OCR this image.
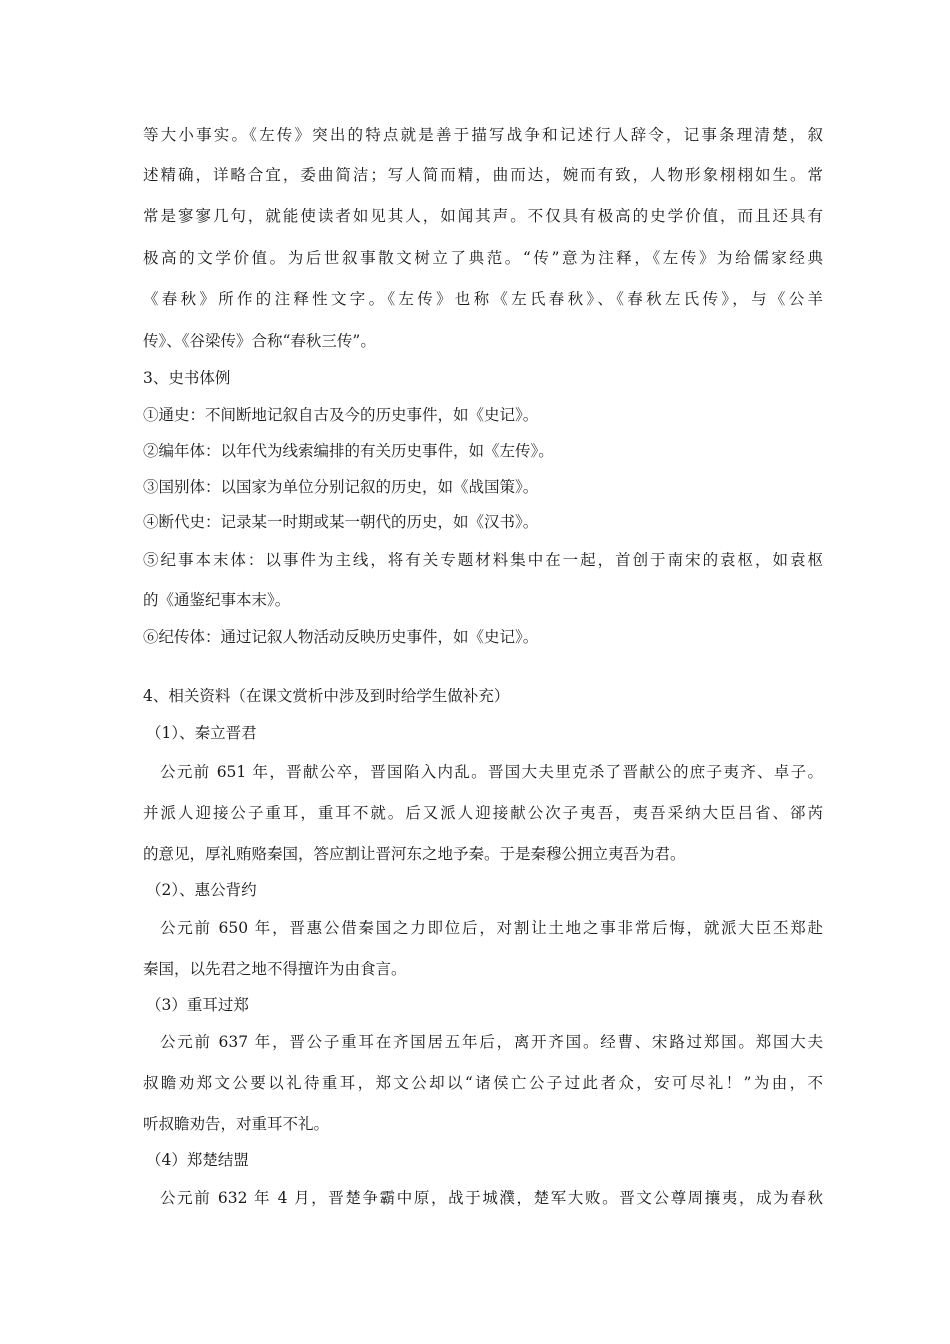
等大小事实。《左传》突出的特点就是善于描写战争和记述行人辞令，记事条理清楚，叙
述精确，详略合宜，委曲简洁；写人简而精，曲而达，婉而有致，人物形象栩栩如生。常
常是寥寥几句，就能使读者如见其人，如闻其声。不仅具有极高的史学价值，而且还具有
极高的文学价值。为后世叙事散文树立了典范。“传”意为注释，《左传》为给儒家经典
《春秋》所作的注释性文字。《左传》也称《左氏春秋》、《春秋左氏传》，与《公羊
传》、《谷梁传》合称“春秋三传”。
3、史书体例
①通史：不间断地记叙自古及今的历史事件，如《史记》。
②编年体：以年代为线索编排的有关历史事件，如《左传》。
③国别体：以国家为单位分别记叙的历史，如《战国策》。
④断代史：记录某一时期或某一朝代的历史，如《汉书》。
⑤纪事本末体：以事件为主线，将有关专题材料集中在一起，首创于南宋的袁枢，如袁枢
的《通鉴纪事本末》。
⑥纪传体：通过记叙人物活动反映历史事件，如《史记》。
4、相关资料（在课文赏析中涉及到时给学生做补充）
（1）、秦立晋君
公元前 651 年，晋献公卒，晋国陷入内乱。晋国大夫里克杀了晋献公的庶子夷齐、卓子。
并派人迎接公子重耳，重耳不就。后又派人迎接献公次子夷吾，夷吾采纳大臣吕省、郤芮
的意见，厚礼贿赂秦国，答应割让晋河东之地予秦。于是秦穆公拥立夷吾为君。
（2）、惠公背约
公元前 650 年，晋惠公借秦国之力即位后，对割让土地之事非常后悔，就派大臣丕郑赴
秦国，以先君之地不得擅许为由食言。
（3）重耳过郑
公元前 637 年，晋公子重耳在齐国居五年后，离开齐国。经曹、宋路过郑国。郑国大夫
叔瞻劝郑文公要以礼待重耳，郑文公却以“诸侯亡公子过此者众，安可尽礼！”为由，不
听叔瞻劝告，对重耳不礼。
（4）郑楚结盟
公元前 632 年 4 月，晋楚争霸中原，战于城濮，楚军大败。晋文公尊周攘夷，成为春秋
